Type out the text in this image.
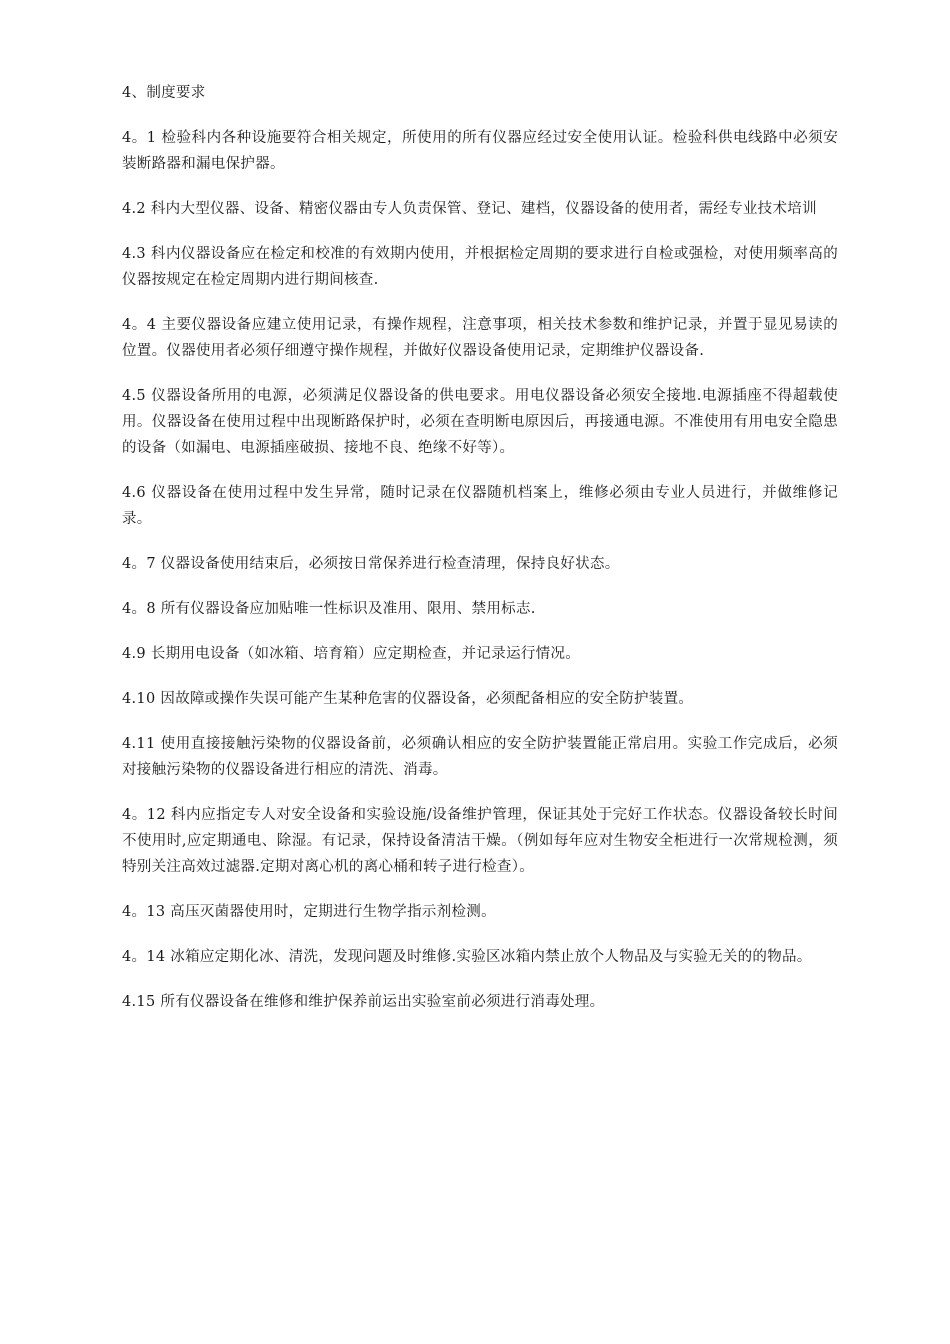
4、制度要求

4。1 检验科内各种设施要符合相关规定，所使用的所有仪器应经过安全使用认证。检验科供电线路中必须安装断路器和漏电保护器。

4.2 科内大型仪器、设备、精密仪器由专人负责保管、登记、建档，仪器设备的使用者，需经专业技术培训

4.3 科内仪器设备应在检定和校准的有效期内使用，并根据检定周期的要求进行自检或强检，对使用频率高的仪器按规定在检定周期内进行期间核查.

4。4 主要仪器设备应建立使用记录，有操作规程，注意事项，相关技术参数和维护记录，并置于显见易读的位置。仪器使用者必须仔细遵守操作规程，并做好仪器设备使用记录，定期维护仪器设备.

4.5 仪器设备所用的电源，必须满足仪器设备的供电要求。用电仪器设备必须安全接地.电源插座不得超载使用。仪器设备在使用过程中出现断路保护时，必须在查明断电原因后，再接通电源。不准使用有用电安全隐患的设备（如漏电、电源插座破损、接地不良、绝缘不好等）。

4.6 仪器设备在使用过程中发生异常，随时记录在仪器随机档案上，维修必须由专业人员进行，并做维修记录。

4。7 仪器设备使用结束后，必须按日常保养进行检查清理，保持良好状态。

4。8 所有仪器设备应加贴唯一性标识及准用、限用、禁用标志.

4.9 长期用电设备（如冰箱、培育箱）应定期检查，并记录运行情况。

4.10 因故障或操作失误可能产生某种危害的仪器设备，必须配备相应的安全防护装置。

4.11 使用直接接触污染物的仪器设备前，必须确认相应的安全防护装置能正常启用。实验工作完成后，必须对接触污染物的仪器设备进行相应的清洗、消毒。

4。12 科内应指定专人对安全设备和实验设施/设备维护管理，保证其处于完好工作状态。仪器设备较长时间不使用时,应定期通电、除湿。有记录，保持设备清洁干燥。（例如每年应对生物安全柜进行一次常规检测，须特别关注高效过滤器.定期对离心机的离心桶和转子进行检查）。

4。13 高压灭菌器使用时，定期进行生物学指示剂检测。

4。14 冰箱应定期化冰、清洗，发现问题及时维修.实验区冰箱内禁止放个人物品及与实验无关的的物品。

4.15 所有仪器设备在维修和维护保养前运出实验室前必须进行消毒处理。
